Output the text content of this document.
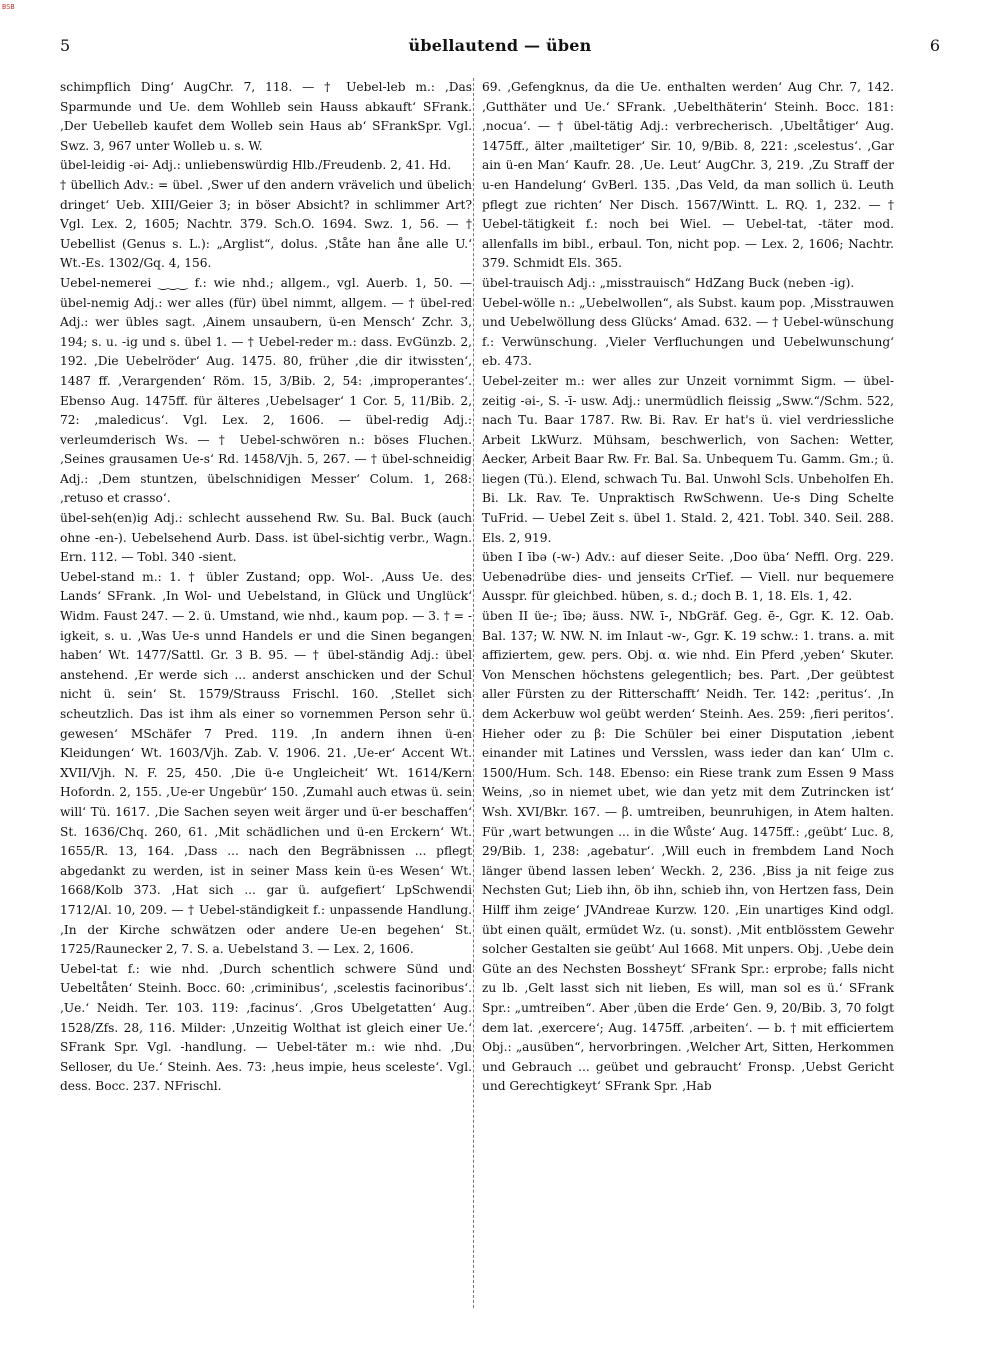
BSB
5	übellautend — üben	6

schimpflich Ding‘ AugChr. 7, 118. — † Uebel-leb m.: ‚Das Sparmunde und Ue. dem Wohlleb sein Hauss abkauft‘ SFrank. ‚Der Uebelleb kaufet dem Wolleb sein Haus ab‘ SFrankSpr. Vgl. Swz. 3, 967 unter Wolleb u. s. W.

übel-leidig -əi- Adj.: unliebenswürdig Hlb./Freudenb. 2, 41. Hd.

† übellich Adv.: = übel. ‚Swer uf den andern vrävelich und übelich dringet‘ Ueb. XIII/Geier 3; in böser Absicht? in schlimmer Art? Vgl. Lex. 2, 1605; Nachtr. 379. Sch.O. 1694. Swz. 1, 56. — † Uebellist (Genus s. L.): „Arglist“, dolus. ‚Ståte han åne alle U.‘ Wt.-Es. 1302/Gq. 4, 156.

Uebel-nemerei ‿‿‿ f.: wie nhd.; allgem., vgl. Auerb. 1, 50. — übel-nemig Adj.: wer alles (für) übel nimmt, allgem. — † übel-red Adj.: wer übles sagt. ‚Ainem unsaubern, ü-en Mensch‘ Zchr. 3, 194; s. u. -ig und s. übel 1. — † Uebel-reder m.: dass. EvGünzb. 2, 192. ‚Die Uebelröder‘ Aug. 1475. 80, früher ‚die dir itwissten‘, 1487 ff. ‚Verargenden‘ Röm. 15, 3/Bib. 2, 54: ‚improperantes‘. Ebenso Aug. 1475ff. für älteres ‚Uebelsager‘ 1 Cor. 5, 11/Bib. 2, 72: ‚maledicus‘. Vgl. Lex. 2, 1606. — übel-redig Adj.: verleumderisch Ws. — † Uebel-schwören n.: böses Fluchen. ‚Seines grausamen Ue-s‘ Rd. 1458/Vjh. 5, 267. — † übel-schneidig Adj.: ‚Dem stuntzen, übelschnidigen Messer‘ Colum. 1, 268: ‚retuso et crasso‘.

übel-seh(en)ig Adj.: schlecht aussehend Rw. Su. Bal. Buck (auch ohne -en-). Uebelsehend Aurb. Dass. ist übel-sichtig verbr., Wagn. Ern. 112. — Tobl. 340 -sient.

Uebel-stand m.: 1. † übler Zustand; opp. Wol-. ‚Auss Ue. des Lands‘ SFrank. ‚In Wol- und Uebelstand, in Glück und Unglück‘ Widm. Faust 247. — 2. ü. Umstand, wie nhd., kaum pop. — 3. † = -igkeit, s. u. ‚Was Ue-s unnd Handels er und die Sinen begangen haben‘ Wt. 1477/Sattl. Gr. 3 B. 95. — † übel-ständig Adj.: übel anstehend. ‚Er werde sich ... anderst anschicken und der Schul nicht ü. sein‘ St. 1579/Strauss Frischl. 160. ‚Stellet sich scheutzlich. Das ist ihm als einer so vornemmen Person sehr ü. gewesen‘ MSchäfer 7 Pred. 119. ‚In andern ihnen ü-en Kleidungen‘ Wt. 1603/Vjh. Zab. V. 1906. 21. ‚Ue-er‘ Accent Wt. XVII/Vjh. N. F. 25, 450. ‚Die ü-e Ungleicheit‘ Wt. 1614/Kern Hofordn. 2, 155. ‚Ue-er Ungebür‘ 150. ‚Zumahl auch etwas ü. sein will‘ Tü. 1617. ‚Die Sachen seyen weit ärger und ü-er beschaffen‘ St. 1636/Chq. 260, 61. ‚Mit schädlichen und ü-en Erckern‘ Wt. 1655/R. 13, 164. ‚Dass ... nach den Begräbnissen ... pflegt abgedankt zu werden, ist in seiner Mass kein ü-es Wesen‘ Wt. 1668/Kolb 373. ‚Hat sich ... gar ü. aufgefiert‘ LpSchwendi 1712/Al. 10, 209. — † Uebel-ständigkeit f.: unpassende Handlung. ‚In der Kirche schwätzen oder andere Ue-en begehen‘ St. 1725/Raunecker 2, 7. S. a. Uebelstand 3. — Lex. 2, 1606.

Uebel-tat f.: wie nhd. ‚Durch schentlich schwere Sünd und Uebeltåten‘ Steinh. Bocc. 60: ‚criminibus‘, ‚scelestis facinoribus‘. ‚Ue.‘ Neidh. Ter. 103. 119: ‚facinus‘. ‚Gros Ubelgetatten‘ Aug. 1528/Zfs. 28, 116. Milder: ‚Unzeitig Wolthat ist gleich einer Ue.‘ SFrank Spr. Vgl. -handlung. — Uebel-täter m.: wie nhd. ‚Du Selloser, du Ue.‘ Steinh. Aes. 73: ‚heus impie, heus sceleste‘. Vgl. dess. Bocc. 237. NFrischl.

69. ‚Gefengknus, da die Ue. enthalten werden‘ Aug Chr. 7, 142. ‚Gutthäter und Ue.‘ SFrank. ‚Uebelthäterin‘ Steinh. Bocc. 181: ‚nocua‘. — † übel-tätig Adj.: verbrecherisch. ‚Ubeltåtiger‘ Aug. 1475ff., älter ‚mailtetiger‘ Sir. 10, 9/Bib. 8, 221: ‚scelestus‘. ‚Gar ain ü-en Man‘ Kaufr. 28. ‚Ue. Leut‘ AugChr. 3, 219. ‚Zu Straff der u-en Handelung‘ GvBerl. 135. ‚Das Veld, da man sollich ü. Leuth pflegt zue richten‘ Ner Disch. 1567/Wintt. L. RQ. 1, 232. — † Uebel-tätigkeit f.: noch bei Wiel. — Uebel-tat, -täter mod. allenfalls im bibl., erbaul. Ton, nicht pop. — Lex. 2, 1606; Nachtr. 379. Schmidt Els. 365.

übel-trauisch Adj.: „misstrauisch“ HdZang Buck (neben -ig).

Uebel-wölle n.: „Uebelwollen“, als Subst. kaum pop. ‚Misstrauwen und Uebelwöllung dess Glücks‘ Amad. 632. — † Uebel-wünschung f.: Verwünschung. ‚Vieler Verfluchungen und Uebelwunschung‘ eb. 473.

Uebel-zeiter m.: wer alles zur Unzeit vornimmt Sigm. — übel-zeitig -əi-, S. -ī- usw. Adj.: unermüdlich fleissig „Sww.“/Schm. 522, nach Tu. Baar 1787. Rw. Bi. Rav. Er hat's ü. viel verdriessliche Arbeit LkWurz. Mühsam, beschwerlich, von Sachen: Wetter, Aecker, Arbeit Baar Rw. Fr. Bal. Sa. Unbequem Tu. Gamm. Gm.; ü. liegen (Tü.). Elend, schwach Tu. Bal. Unwohl Scls. Unbeholfen Eh. Bi. Lk. Rav. Te. Unpraktisch RwSchwenn. Ue-s Ding Schelte TuFrid. — Uebel Zeit s. übel 1. Stald. 2, 421. Tobl. 340. Seil. 288. Els. 2, 919.

üben I ībə (-w-) Adv.: auf dieser Seite. ‚Doo üba‘ Neffl. Org. 229. Uebenədrübe dies- und jenseits CrTief. — Viell. nur bequemere Ausspr. für gleichbed. hüben, s. d.; doch B. 1, 18. Els. 1, 42.

üben II üe-; ībə; äuss. NW. ī-, NbGräf. Geg. ē-, Ggr. K. 12. Oab. Bal. 137; W. NW. N. im Inlaut -w-, Ggr. K. 19 schw.: 1. trans. a. mit affiziertem, gew. pers. Obj. α. wie nhd. Ein Pferd ‚yeben‘ Skuter. Von Menschen höchstens gelegentlich; bes. Part. ‚Der geübtest aller Fürsten zu der Ritterschafft‘ Neidh. Ter. 142: ‚peritus‘. ‚In dem Ackerbuw wol geübt werden‘ Steinh. Aes. 259: ‚fieri peritos‘. Hieher oder zu β: Die Schüler bei einer Disputation ‚iebent einander mit Latines und Versslen, wass ieder dan kan‘ Ulm c. 1500/Hum. Sch. 148. Ebenso: ein Riese trank zum Essen 9 Mass Weins, ‚so in niemet ubet, wie dan yetz mit dem Zutrincken ist‘ Wsh. XVI/Bkr. 167. — β. umtreiben, beunruhigen, in Atem halten. Für ‚wart betwungen ... in die Wůste‘ Aug. 1475ff.: ‚geübt‘ Luc. 8, 29/Bib. 1, 238: ‚agebatur‘. ‚Will euch in frembdem Land Noch länger übend lassen leben‘ Weckh. 2, 236. ‚Biss ja nit feige zus Nechsten Gut; Lieb ihn, öb ihn, schieb ihn, von Hertzen fass, Dein Hilff ihm zeige‘ JVAndreae Kurzw. 120. ‚Ein unartiges Kind odgl. übt einen quält, ermüdet Wz. (u. sonst). ‚Mit entblösstem Gewehr solcher Gestalten sie geübt‘ Aul 1668. Mit unpers. Obj. ‚Uebe dein Güte an des Nechsten Bossheyt‘ SFrank Spr.: erprobe; falls nicht zu lb. ‚Gelt lasst sich nit lieben, Es will, man sol es ü.‘ SFrank Spr.: „umtreiben“. Aber ‚üben die Erde‘ Gen. 9, 20/Bib. 3, 70 folgt dem lat. ‚exercere‘; Aug. 1475ff. ‚arbeiten‘. — b. † mit efficiertem Obj.: „ausüben“, hervorbringen. ‚Welcher Art, Sitten, Herkommen und Gebrauch ... geübet und gebraucht‘ Fronsp. ‚Uebst Gericht und Gerechtigkeyt‘ SFrank Spr. ‚Hab
